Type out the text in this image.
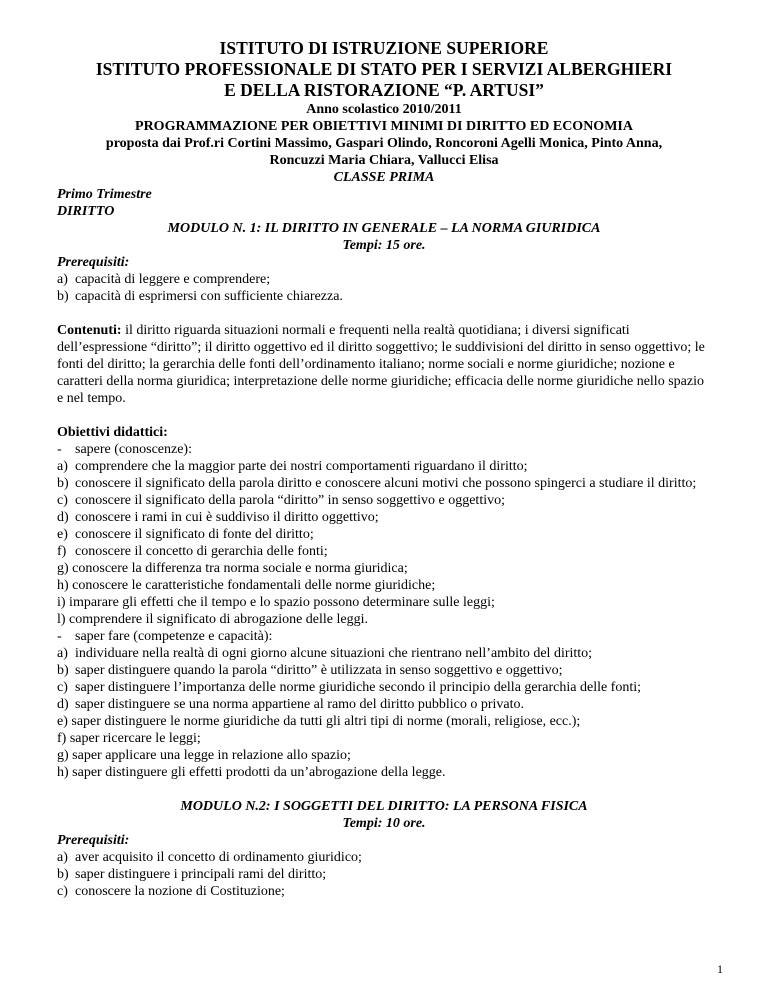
ISTITUTO DI ISTRUZIONE SUPERIORE
ISTITUTO PROFESSIONALE DI STATO PER I SERVIZI ALBERGHIERI
E DELLA RISTORAZIONE “P. ARTUSI”
Anno scolastico 2010/2011
PROGRAMMAZIONE PER OBIETTIVI MINIMI DI DIRITTO ED ECONOMIA
proposta dai Prof.ri Cortini Massimo, Gaspari Olindo, Roncoroni Agelli Monica, Pinto Anna,
Roncuzzi Maria Chiara, Vallucci Elisa
CLASSE PRIMA
Primo Trimestre
DIRITTO
MODULO N. 1: IL DIRITTO IN GENERALE – LA NORMA GIURIDICA
Tempi: 15 ore.
Prerequisiti:
a) capacità di leggere e comprendere;
b) capacità di esprimersi con sufficiente chiarezza.
Contenuti: il diritto riguarda situazioni normali e frequenti nella realtà quotidiana; i diversi significati dell’espressione “diritto”; il diritto oggettivo ed il diritto soggettivo; le suddivisioni del diritto in senso oggettivo; le fonti del diritto; la gerarchia delle fonti dell’ordinamento italiano; norme sociali e norme giuridiche; nozione e caratteri della norma giuridica; interpretazione delle norme giuridiche; efficacia delle norme giuridiche nello spazio e nel tempo.
Obiettivi didattici:
- sapere (conoscenze):
a) comprendere che la maggior parte dei nostri comportamenti riguardano il diritto;
b) conoscere il significato della parola diritto e conoscere alcuni motivi che possono spingerci a studiare il diritto;
c) conoscere il significato della parola “diritto” in senso soggettivo e oggettivo;
d) conoscere i rami in cui è suddiviso il diritto oggettivo;
e) conoscere il significato di fonte del diritto;
f) conoscere il concetto di gerarchia delle fonti;
g) conoscere la differenza tra norma sociale e norma giuridica;
h) conoscere le caratteristiche fondamentali delle norme giuridiche;
i) imparare gli effetti che il tempo e lo spazio possono determinare sulle leggi;
l) comprendere il significato di abrogazione delle leggi.
- saper fare (competenze e capacità):
a) individuare nella realtà di ogni giorno alcune situazioni che rientrano nell’ambito del diritto;
b) saper distinguere quando la parola “diritto” è utilizzata in senso soggettivo e oggettivo;
c) saper distinguere l’importanza delle norme giuridiche secondo il principio della gerarchia delle fonti;
d) saper distinguere se una norma appartiene al ramo del diritto pubblico o privato.
e) saper distinguere le norme giuridiche da tutti gli altri tipi di norme (morali, religiose, ecc.);
f) saper ricercare le leggi;
g) saper applicare una legge in relazione allo spazio;
h) saper distinguere gli effetti prodotti da un’abrogazione della legge.
MODULO N.2: I SOGGETTI DEL DIRITTO: LA PERSONA FISICA
Tempi: 10 ore.
Prerequisiti:
a) aver acquisito il concetto di ordinamento giuridico;
b) saper distinguere i principali rami del diritto;
c) conoscere la nozione di Costituzione;
1
